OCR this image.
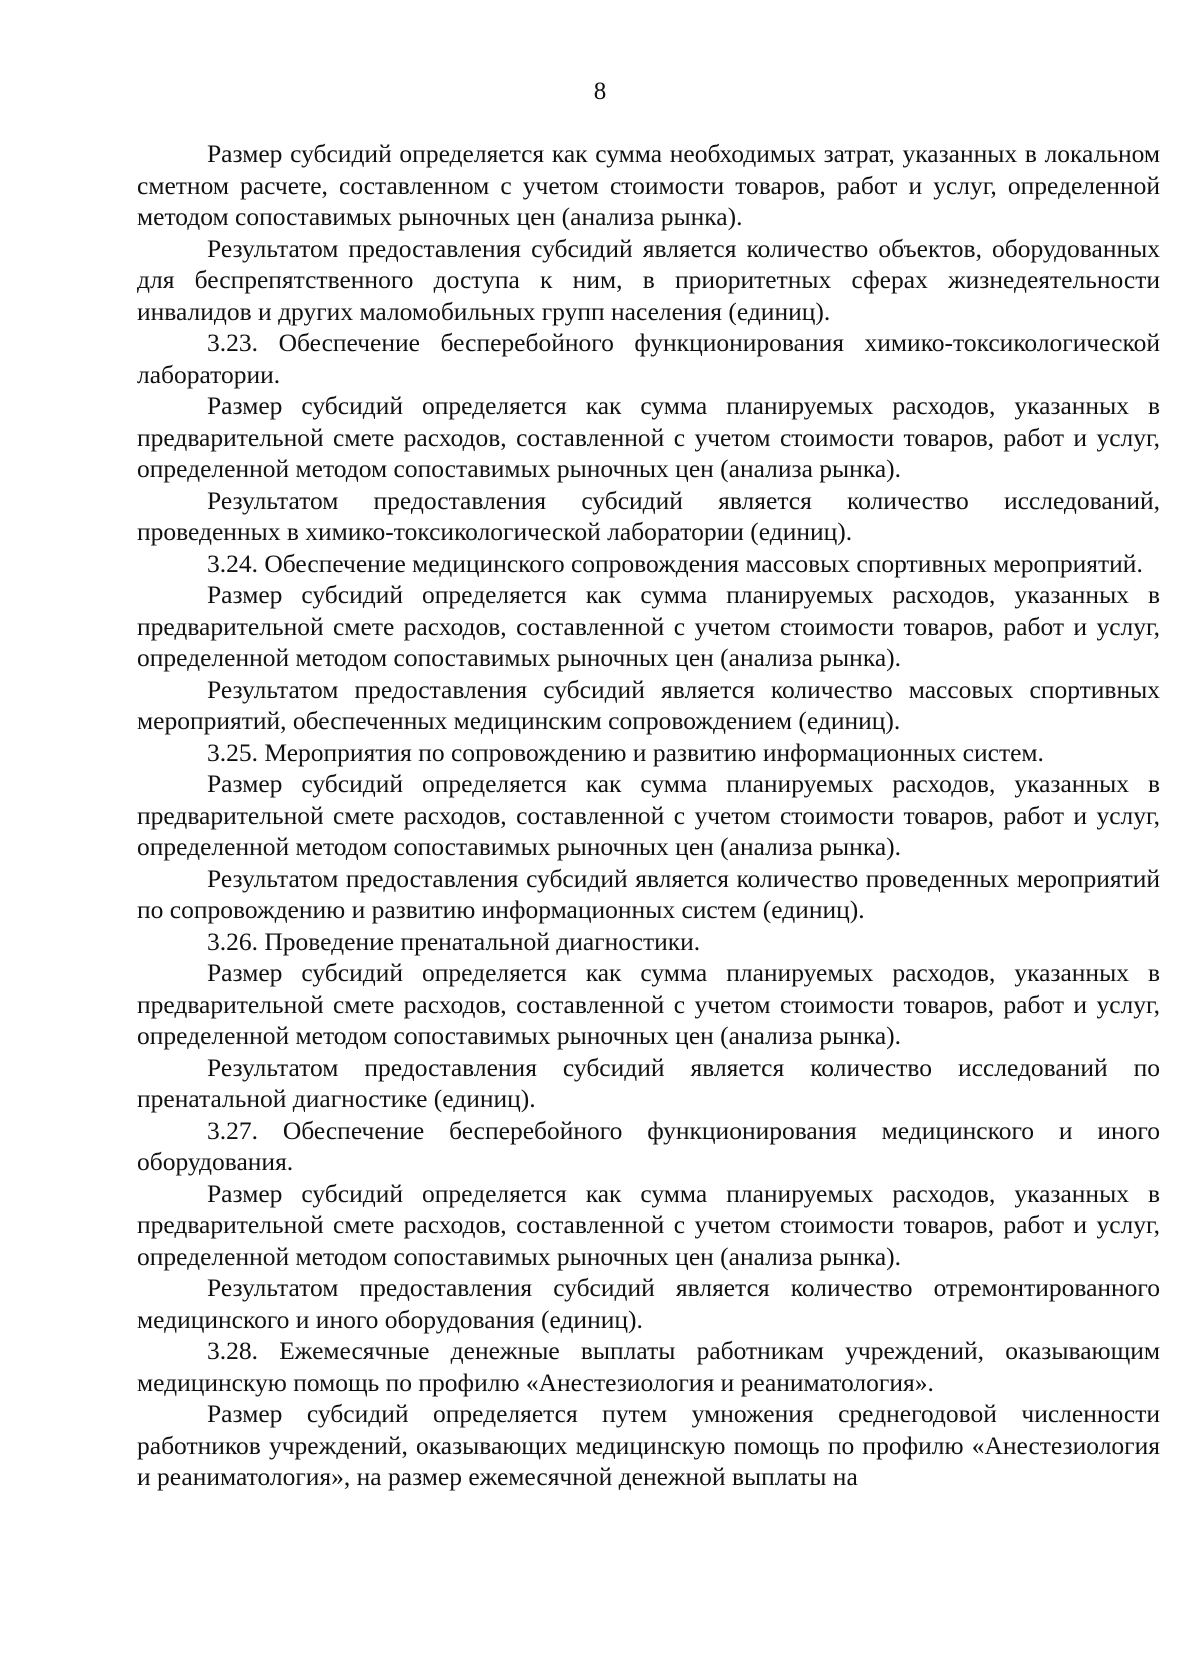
8

Размер субсидий определяется как сумма необходимых затрат, указанных в локальном сметном расчете, составленном с учетом стоимости товаров, работ и услуг, определенной методом сопоставимых рыночных цен (анализа рынка).

Результатом предоставления субсидий является количество объектов, оборудованных для беспрепятственного доступа к ним, в приоритетных сферах жизнедеятельности инвалидов и других маломобильных групп населения (единиц).

3.23. Обеспечение бесперебойного функционирования химико-токсикологической лаборатории.

Размер субсидий определяется как сумма планируемых расходов, указанных в предварительной смете расходов, составленной с учетом стоимости товаров, работ и услуг, определенной методом сопоставимых рыночных цен (анализа рынка).

Результатом предоставления субсидий является количество исследований, проведенных в химико-токсикологической лаборатории (единиц).

3.24. Обеспечение медицинского сопровождения массовых спортивных мероприятий.

Размер субсидий определяется как сумма планируемых расходов, указанных в предварительной смете расходов, составленной с учетом стоимости товаров, работ и услуг, определенной методом сопоставимых рыночных цен (анализа рынка).

Результатом предоставления субсидий является количество массовых спортивных мероприятий, обеспеченных медицинским сопровождением (единиц).

3.25. Мероприятия по сопровождению и развитию информационных систем.

Размер субсидий определяется как сумма планируемых расходов, указанных в предварительной смете расходов, составленной с учетом стоимости товаров, работ и услуг, определенной методом сопоставимых рыночных цен (анализа рынка).

Результатом предоставления субсидий является количество проведенных мероприятий по сопровождению и развитию информационных систем (единиц).

3.26. Проведение пренатальной диагностики.

Размер субсидий определяется как сумма планируемых расходов, указанных в предварительной смете расходов, составленной с учетом стоимости товаров, работ и услуг, определенной методом сопоставимых рыночных цен (анализа рынка).

Результатом предоставления субсидий является количество исследований по пренатальной диагностике (единиц).

3.27. Обеспечение бесперебойного функционирования медицинского и иного оборудования.

Размер субсидий определяется как сумма планируемых расходов, указанных в предварительной смете расходов, составленной с учетом стоимости товаров, работ и услуг, определенной методом сопоставимых рыночных цен (анализа рынка).

Результатом предоставления субсидий является количество отремонтированного медицинского и иного оборудования (единиц).

3.28. Ежемесячные денежные выплаты работникам учреждений, оказывающим медицинскую помощь по профилю «Анестезиология и реаниматология».

Размер субсидий определяется путем умножения среднегодовой численности работников учреждений, оказывающих медицинскую помощь по профилю «Анестезиология и реаниматология», на размер ежемесячной денежной выплаты на
